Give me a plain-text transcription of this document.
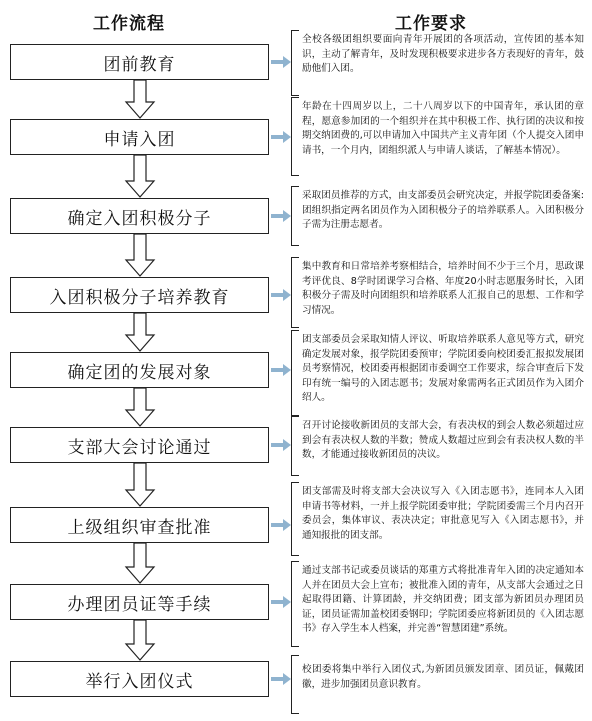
工作流程	工作要求
团前教育
申请入团
确定入团积极分子
入团积极分子培养教育
确定团的发展对象
支部大会讨论通过
上级组织审查批准
办理团员证等手续
举行入团仪式
全校各级团组织要面向青年开展团的各项活动，宣传团的基本知识，主动了解青年，及时发现积极要求进步各方表现好的青年，鼓励他们入团。
年龄在十四周岁以上，二十八周岁以下的中国青年，承认团的章程，愿意参加团的一个组织并在其中积极工作、执行团的决议和按期交纳团费的,可以申请加入中国共产主义青年团（个人提交入团申请书，一个月内，团组织派人与申请人谈话，了解基本情况）。
采取团员推荐的方式，由支部委员会研究决定，并报学院团委备案:团组织指定两名团员作为入团积极分子的培养联系人。入团积极分子需为注册志愿者。
集中教育和日常培养考察相结合，培养时间不少于三个月，思政课考评优良、8学时团课学习合格、年度20小时志愿服务时长，入团积极分子需及时向团组织和培养联系人汇报自己的思想、工作和学习情况。
团支部委员会采取知情人评议、听取培养联系人意见等方式，研究确定发展对象，报学院团委预审；学院团委向校团委汇报拟发展团员考察情况，校团委再根据团市委调空工作要求，综合审查后下发印有统一编号的入团志愿书；发展对象需两名正式团员作为入团介绍人。
召开讨论接收新团员的支部大会，有表决权的到会人数必须超过应到会有表决权人数的半数；赞成人数超过应到会有表决权人数的半数，才能通过接收新团员的决议。
团支部需及时将支部大会决议写入《入团志愿书》，连同本人入团申请书等材料，一并上报学院团委审批；学院团委需三个月内召开委员会，集体审议、表决决定；审批意见写入《入团志愿书》，并通知报批的团支部。
通过支部书记或委员谈话的郑重方式将批准青年入团的决定通知本人并在团员大会上宣布；被批准入团的青年，从支部大会通过之日起取得团籍、计算团龄，并交纳团费；团支部为新团员办理团员证，团员证需加盖校团委钢印；学院团委应将新团员的《入团志愿书》存入学生本人档案，并完善“智慧团建”系统。
校团委将集中举行入团仪式,为新团员颁发团章、团员证，佩戴团徽，进步加强团员意识教育。
